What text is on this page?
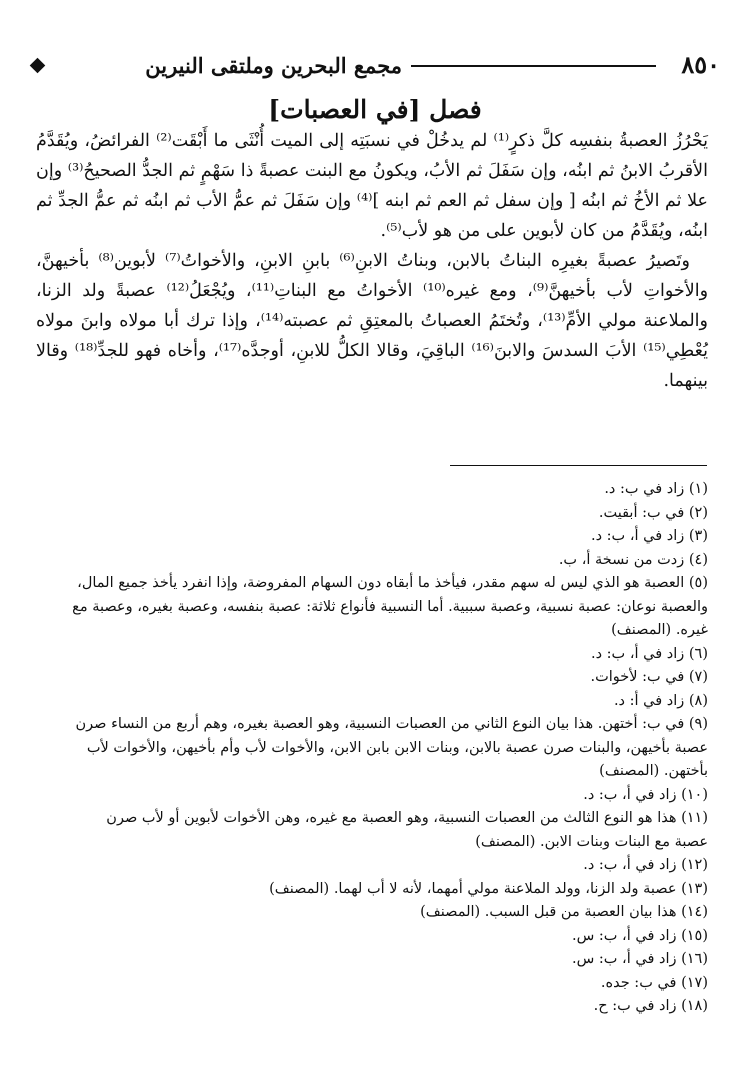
٨٥٠
مجمع البحرين وملتقى النيرين
فصل [في العصبات]

يَحْرُزُ العصبةُ بنفسِه كلَّ ذكرٍ⁽¹⁾ لم يدخُلْ في نسبَتِه إلى الميت أُنْثَى ما أَبْقَت⁽²⁾ الفرائضُ، ويُقَدَّمُ الأقربُ الابنُ ثم ابنُه، وإن سَفَلَ ثم الأبُ، ويكونُ مع البنت عصبةً ذا سَهْمٍ ثم الجدُّ الصحيحُ⁽³⁾ وإن علا ثم الأخُ ثم ابنُه [ وإن سفل ثم العم ثم ابنه ]⁽⁴⁾ وإن سَفَلَ ثم عمُّ الأب ثم ابنُه ثم عمُّ الجدِّ ثم ابنُه، ويُقَدَّمُ من كان لأبوين على من هو لأب⁽⁵⁾.

وتَصيرُ عصبةً بغيرِه البناتُ بالابن، وبناتُ الابنِ⁽⁶⁾ بابنِ الابنِ، والأخواتُ⁽⁷⁾ لأبوين⁽⁸⁾ بأخيهنَّ، والأخواتِ لأب بأخيهنَّ⁽⁹⁾، ومع غيره⁽¹⁰⁾ الأخواتُ مع البناتِ⁽¹¹⁾، ويُجْعَلُ⁽¹²⁾ عصبةً ولد الزنا، والملاعنة مولي الأمِّ⁽¹³⁾، وتُختَمُ العصباتُ بالمعتِقِ ثم عصبته⁽¹⁴⁾، وإذا ترك أبا مولاه وابنَ مولاه يُعْطِي⁽¹⁵⁾ الأبَ السدسَ والابنَ⁽¹⁶⁾ الباقِيَ، وقالا الكلُّ للابنِ، أوجدَّه⁽¹⁷⁾، وأخاه فهو للجدِّ⁽¹⁸⁾ وقالا بينهما.

(١) زاد في ب: د.

(٢) في ب: أبقيت.

(٣) زاد في أ، ب: د.

(٤) زدت من نسخة أ، ب.

(٥) العصبة هو الذي ليس له سهم مقدر، فيأخذ ما أبقاه دون السهام المفروضة، وإذا انفرد يأخذ جميع المال، والعصبة نوعان: عصبة نسبية، وعصبة سببية. أما النسبية فأنواع ثلاثة: عصبة بنفسه، وعصبة بغيره، وعصبة مع غيره. (المصنف)

(٦) زاد في أ، ب: د.

(٧) في ب: لأخوات.

(٨) زاد في أ: د.

(٩) في ب: أختهن. هذا بيان النوع الثاني من العصبات النسبية، وهو العصبة بغيره، وهم أربع من النساء صرن عصبة بأخيهن، والبنات صرن عصبة بالابن، وبنات الابن بابن الابن، والأخوات لأب وأم بأخيهن، والأخوات لأب بأختهن. (المصنف)

(١٠) زاد في أ، ب: د.

(١١) هذا هو النوع الثالث من العصبات النسبية، وهو العصبة مع غيره، وهن الأخوات لأبوين أو لأب صرن عصبة مع البنات وبنات الابن. (المصنف)

(١٢) زاد في أ، ب: د.

(١٣) عصبة ولد الزنا، وولد الملاعنة مولي أمهما، لأنه لا أب لهما. (المصنف)

(١٤) هذا بيان العصبة من قبل السبب. (المصنف)

(١٥) زاد في أ، ب: س.

(١٦) زاد في أ، ب: س.

(١٧) في ب: جده.

(١٨) زاد في ب: ح.
